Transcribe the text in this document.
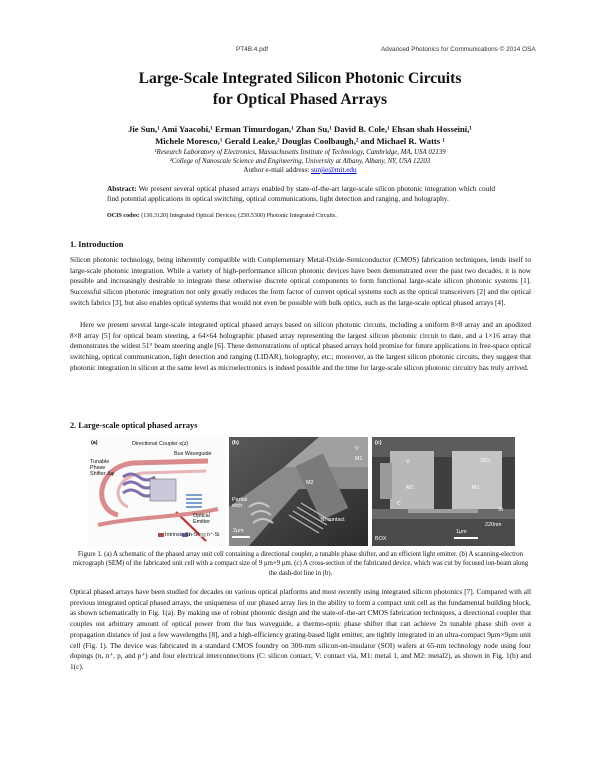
PT4B.4.pdf	Advanced Photonics for Communications © 2014 OSA
Large-Scale Integrated Silicon Photonic Circuits
for Optical Phased Arrays
Jie Sun,¹ Ami Yaacobi,¹ Erman Timurdogan,¹ Zhan Su,¹ David B. Cole,¹ Ehsan shah Hosseini,¹
Michele Moresco,¹ Gerald Leake,² Douglas Coolbaugh,² and Michael R. Watts ¹
¹Research Laboratory of Electronics, Massachusetts Institute of Technology, Cambridge, MA, USA 02139
²College of Nanoscale Science and Engineering, University at Albany, Albany, NY, USA 12203
Author e-mail address: sunjie@mit.edu
Abstract: We present several optical phased arrays enabled by state-of-the-art large-scale silicon photonic integration which could find potential applications in optical switching, optical communications, light detection and ranging, and holography.
OCIS codes: (130.3120) Integrated Optical Devices; (250.5300) Photonic Integrated Circuits.
1. Introduction
Silicon photonic technology, being inherently compatible with Complementary Metal-Oxide-Semiconductor (CMOS) fabrication techniques, lends itself to large-scale photonic integration. While a variety of high-performance silicon photonic devices have been demonstrated over the past two decades, it is now possible and increasingly desirable to integrate these otherwise discrete optical components to form functional large-scale silicon photonic systems [1]. Successful silicon photonic integration not only greatly reduces the form factor of current optical systems such as the optical transceivers [2] and the optical switch fabrics [3], but also enables optical systems that would not even be possible with bulk optics, such as the large-scale optical phased arrays [4].
Here we present several large-scale integrated optical phased arrays based on silicon photonic circuits, including a uniform 8×8 array and an apodized 8×8 array [5] for optical beam steering, a 64×64 holographic phased array representing the largest silicon photonic circuit to date, and a 1×16 array that demonstrates the widest 51° beam steering angle [6]. These demonstrations of optical phased arrays hold promise for future applications in free-space optical switching, optical communication, light detection and ranging (LIDAR), holography, etc.; moreover, as the largest silicon photonic circuits, they suggest that photonic integration in silicon at the same level as microelectronics is indeed possible and the time for large-scale silicon photonic circuitry has truly arrived.
2. Large-scale optical phased arrays
(a)	Directional Coupler κ(z)
Bus Waveguide
Tunable Phase Shifter Δφ
Optical Emitter
Intrinsic Si n-Si n⁺-Si
(b)
V
M1
M2
Partial etch
Si contact
2μm
(c)
SiO₂
V
M1	M1
C
Si
220nm
BOX
1μm
Figure 1. (a) A schematic of the phased array unit cell containing a directional coupler, a tunable phase shifter, and an efficient light emitter. (b) A scanning-electron micrograph (SEM) of the fabricated unit cell with a compact size of 9 μm×9 μm. (c) A cross-section of the fabricated device, which was cut by focused ion-beam along the dash-dot line in (b).
Optical phased arrays have been studied for decades on various optical platforms and most recently using integrated silicon photonics [7]. Compared with all previous integrated optical phased arrays, the uniqueness of our phased array lies in the ability to form a compact unit cell as the fundamental building block, as shown schematically in Fig. 1(a). By making use of robust photonic design and the state-of-the-art CMOS fabrication techniques, a directional coupler that couples out arbitrary amount of optical power from the bus waveguide, a thermo-optic phase shifter that can achieve 2π tunable phase shift over a propagation distance of just a few wavelengths [8], and a high-efficiency grating-based light emitter, are tightly integrated in an ultra-compact 9μm×9μm unit cell (Fig. 1). The device was fabricated in a standard CMOS foundry on 300-mm silicon-on-insulator (SOI) wafers at 65-nm technology node using four dopings (n, n⁺, p, and p⁺) and four electrical interconnections (C: silicon contact, V: contact via, M1: metal 1, and M2: metal2), as shown in Fig. 1(b) and 1(c).
